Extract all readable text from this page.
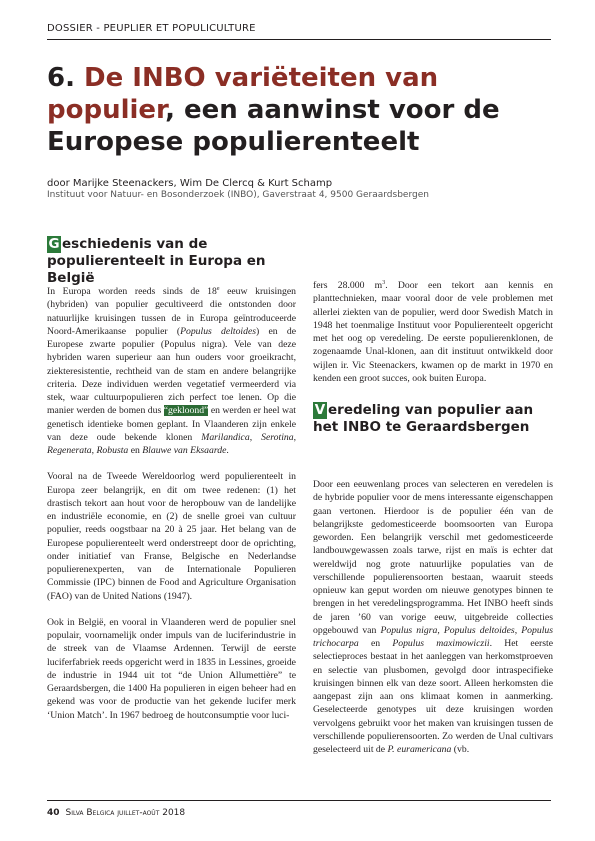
DOSSIER - PEUPLIER ET POPULICULTURE
6. De INBO variëteiten van populier, een aanwinst voor de Europese populierenteelt
door Marijke Steenackers, Wim De Clercq & Kurt Schamp
Instituut voor Natuur- en Bosonderzoek (INBO), Gaverstraat 4, 9500 Geraardsbergen
G eschiedenis van de populierenteelt in Europa en België

In Europa worden reeds sinds de 18e eeuw kruisingen (hybriden) van populier gecultiveerd die ontstonden door natuurlijke kruisingen tussen de in Europa geïntroduceerde Noord-Amerikaanse populier (Populus deltoides) en de Europese zwarte populier (Populus nigra). Vele van deze hybriden waren superieur aan hun ouders voor groeikracht, ziekteresistentie, rechtheid van de stam en andere belangrijke criteria. Deze individuen werden vegetatief vermeerderd via stek, waar cultuurpopulieren zich perfect toe lenen. Op die manier werden de bomen dus “gekloond” en werden er heel wat genetisch identieke bomen geplant. In Vlaanderen zijn enkele van deze oude bekende klonen Marilandica, Serotina, Regenerata, Robusta en Blauwe van Eksaarde.

Vooral na de Tweede Wereldoorlog werd populierenteelt in Europa zeer belangrijk, en dit om twee redenen: (1) het drastisch tekort aan hout voor de heropbouw van de landelijke en industriële economie, en (2) de snelle groei van cultuur populier, reeds oogstbaar na 20 à 25 jaar. Het belang van de Europese populierenteelt werd onderstreept door de oprichting, onder initiatief van Franse, Belgische en Nederlandse populierenexperten, van de Internationale Populieren Commissie (IPC) binnen de Food and Agriculture Organisation (FAO) van de United Nations (1947).

Ook in België, en vooral in Vlaanderen werd de populier snel populair, voornamelijk onder impuls van de luciferindustrie in de streek van de Vlaamse Ardennen. Terwijl de eerste luciferfabriek reeds opgericht werd in 1835 in Lessines, groeide de industrie in 1944 uit tot “de Union Allumettière” te Geraardsbergen, die 1400 Ha populieren in eigen beheer had en gekend was voor de productie van het gekende lucifer merk ‘Union Match’. In 1967 bedroeg de houtconsumptie voor luci-

fers 28.000 $m^3$. Door een tekort aan kennis en planttechnieken, maar vooral door de vele problemen met allerlei ziekten van de populier, werd door Swedish Match in 1948 het toenmalige Instituut voor Populierenteelt opgericht met het oog op veredeling. De eerste populierenklonen, de zogenaamde Unal-klonen, aan dit instituut ontwikkeld door wijlen ir. Vic Steenackers, kwamen op de markt in 1970 en kenden een groot succes, ook buiten Europa.

V eredeling van populier aan het INBO te Geraardsbergen

Door een eeuwenlang proces van selecteren en veredelen is de hybride populier voor de mens interessante eigenschappen gaan vertonen. Hierdoor is de populier één van de belangrijkste gedomesticeerde boomsoorten van Europa geworden. Een belangrijk verschil met gedomesticeerde landbouwgewassen zoals tarwe, rijst en maïs is echter dat wereldwijd nog grote natuurlijke populaties van de verschillende populierensoorten bestaan, waaruit steeds opnieuw kan geput worden om nieuwe genotypes binnen te brengen in het veredelingsprogramma. Het INBO heeft sinds de jaren ’60 van vorige eeuw, uitgebreide collecties opgebouwd van Populus nigra, Populus deltoides, Populus trichocarpa en Populus maximowiczii. Het eerste selectieproces bestaat in het aanleggen van herkomstproeven en selectie van plusbomen, gevolgd door intraspecifieke kruisingen binnen elk van deze soort. Alleen herkomsten die aangepast zijn aan ons klimaat komen in aanmerking. Geselecteerde genotypes uit deze kruisingen worden vervolgens gebruikt voor het maken van kruisingen tussen de verschillende populierensoorten. Zo werden de Unal cultivars geselecteerd uit de P. euramericana (vb.

40 Silva Belgica juillet-août 2018
